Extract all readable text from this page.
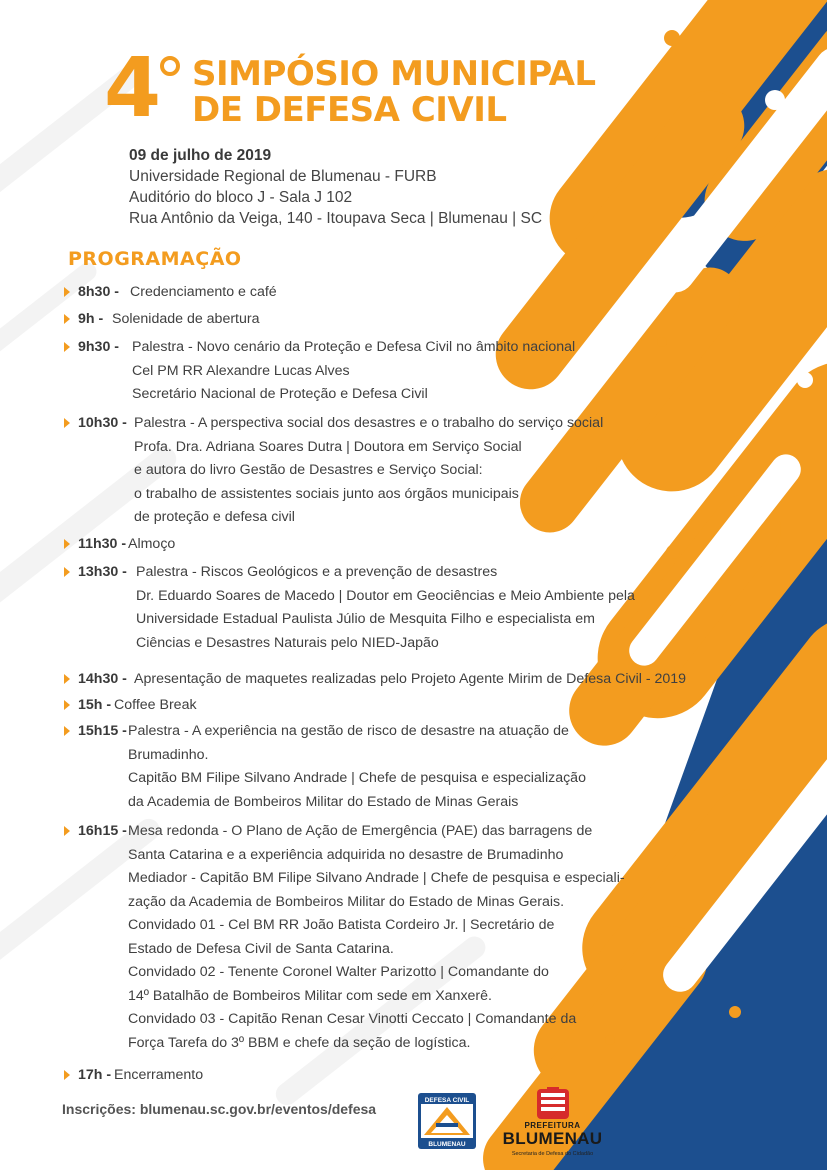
4 SIMPÓSIO MUNICIPAL
DE DEFESA CIVIL
09 de julho de 2019
Universidade Regional de Blumenau - FURB
Auditório do bloco J - Sala J 102
Rua Antônio da Veiga, 140 - Itoupava Seca | Blumenau | SC
PROGRAMAÇÃO
8h30 - Credenciamento e café
9h - Solenidade de abertura
9h30 - Palestra - Novo cenário da Proteção e Defesa Civil no âmbito nacional
Cel PM RR Alexandre Lucas Alves
Secretário Nacional de Proteção e Defesa Civil
10h30 - Palestra - A perspectiva social dos desastres e o trabalho do serviço social
Profa. Dra. Adriana Soares Dutra | Doutora em Serviço Social
e autora do livro Gestão de Desastres e Serviço Social:
o trabalho de assistentes sociais junto aos órgãos municipais
de proteção e defesa civil
11h30 - Almoço
13h30 - Palestra - Riscos Geológicos e a prevenção de desastres
Dr. Eduardo Soares de Macedo | Doutor em Geociências e Meio Ambiente pela
Universidade Estadual Paulista Júlio de Mesquita Filho e especialista em
Ciências e Desastres Naturais pelo NIED-Japão
14h30 - Apresentação de maquetes realizadas pelo Projeto Agente Mirim de Defesa Civil - 2019
15h - Coffee Break
15h15 - Palestra - A experiência na gestão de risco de desastre na atuação de
Brumadinho.
Capitão BM Filipe Silvano Andrade | Chefe de pesquisa e especialização
da Academia de Bombeiros Militar do Estado de Minas Gerais
16h15 - Mesa redonda - O Plano de Ação de Emergência (PAE) das barragens de
Santa Catarina e a experiência adquirida no desastre de Brumadinho
Mediador - Capitão BM Filipe Silvano Andrade | Chefe de pesquisa e especiali-
zação da Academia de Bombeiros Militar do Estado de Minas Gerais.
Convidado 01 - Cel BM RR João Batista Cordeiro Jr. | Secretário de
Estado de Defesa Civil de Santa Catarina.
Convidado 02 - Tenente Coronel Walter Parizotto | Comandante do
14º Batalhão de Bombeiros Militar com sede em Xanxerê.
Convidado 03 - Capitão Renan Cesar Vinotti Ceccato | Comandante da
Força Tarefa do 3º BBM e chefe da seção de logística.
17h - Encerramento
Inscrições: blumenau.sc.gov.br/eventos/defesa
DEFESA CIVIL
BLUMENAU
PREFEITURA
BLUMENAU
Secretaria de Defesa do Cidadão
